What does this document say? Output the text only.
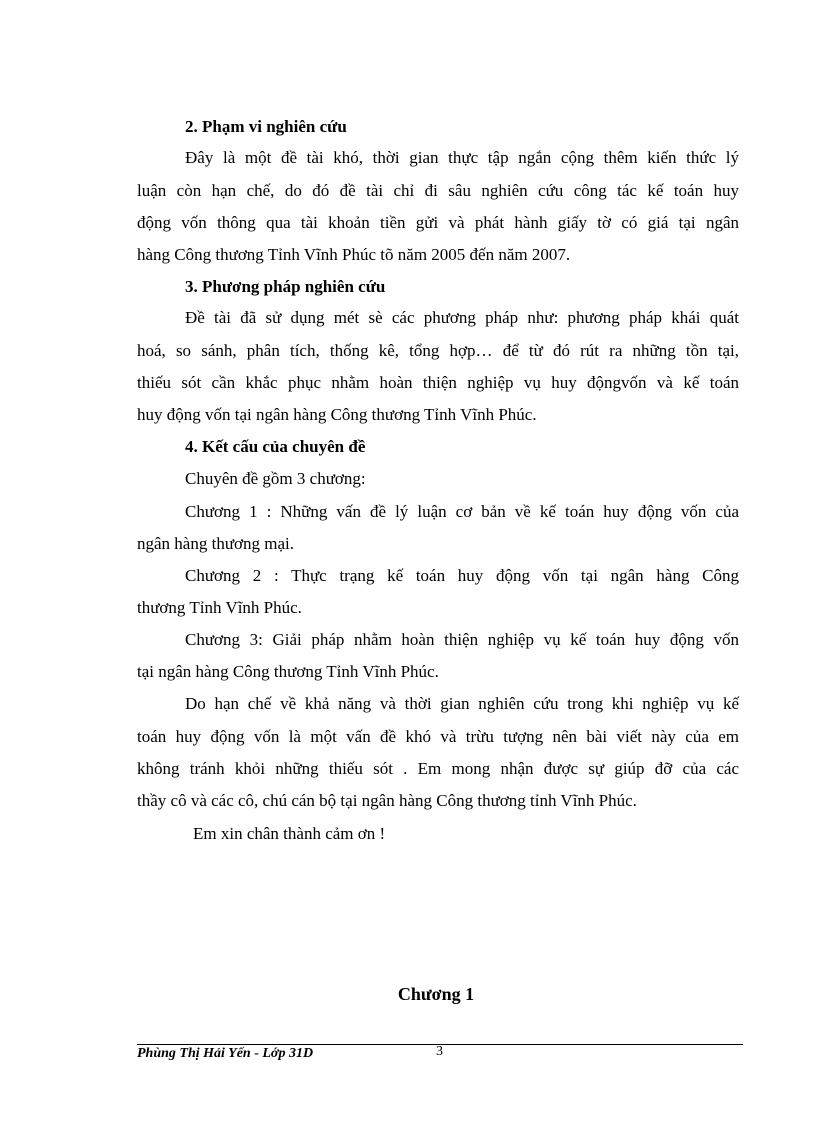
2. Phạm vi nghiên cứu
Đây là một đề tài khó, thời gian thực tập ngắn cộng thêm kiến thức lý
luận còn hạn chế, do đó đề tài chỉ đi sâu nghiên cứu công tác kế toán huy
động vốn thông qua tài khoản tiền gửi và phát hành giấy tờ có giá tại ngân
hàng Công thương Tỉnh Vĩnh Phúc tõ năm 2005 đến năm 2007.
3. Phương pháp nghiên cứu
Đề tài đã sử dụng mét sè các phương pháp như: phương pháp khái quát
hoá, so sánh, phân tích, thống kê, tổng hợp… để từ đó rút ra những tồn tại,
thiếu sót cần khắc phục nhằm hoàn thiện nghiệp vụ huy độngvốn và kế toán
huy động vốn tại ngân hàng Công thương Tỉnh Vĩnh Phúc.
4. Kết cấu của chuyên đề
Chuyên đề gồm 3 chương:
Chương 1 : Những vấn đề lý luận cơ bản về kế toán huy động vốn của
ngân hàng thương mại.
Chương 2 : Thực trạng kế toán huy động vốn tại ngân hàng Công
thương Tỉnh Vĩnh Phúc.
Chương 3: Giải pháp nhằm hoàn thiện nghiệp vụ kế toán huy động vốn
tại ngân hàng Công thương Tỉnh Vĩnh Phúc.
Do hạn chế về khả năng và thời gian nghiên cứu trong khi nghiệp vụ kế
toán huy động vốn là một vấn đề khó và trừu tượng nên bài viết này của em
không tránh khỏi những thiếu sót . Em mong nhận được sự giúp đỡ của các
thầy cô và các cô, chú cán bộ tại ngân hàng Công thương tỉnh Vĩnh Phúc.
Em xin chân thành cảm ơn !
Chương 1
Phùng Thị Hải Yến - Lớp 31D	3
